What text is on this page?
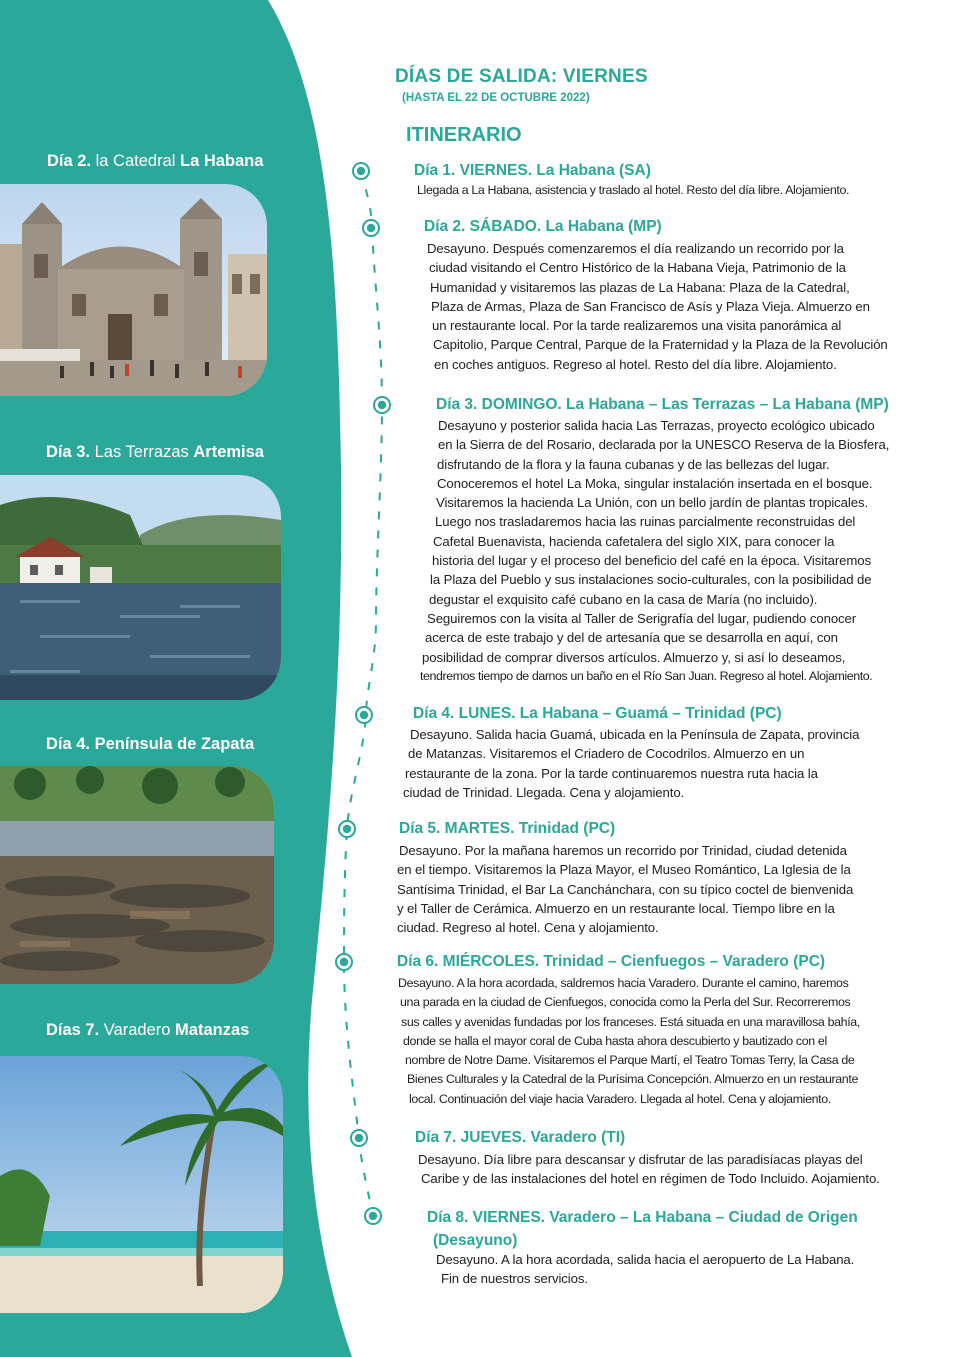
Día 2. la Catedral La Habana
Día 3. Las Terrazas Artemisa
Día 4. Península de Zapata
Días 7. Varadero Matanzas
DÍAS DE SALIDA: VIERNES
(HASTA EL 22 DE OCTUBRE 2022)
ITINERARIO
Día 1. VIERNES. La Habana (SA)
Llegada a La Habana, asistencia y traslado al hotel. Resto del día libre. Alojamiento.
Día 2. SÁBADO. La Habana (MP)
Desayuno. Después comenzaremos el día realizando un recorrido por la
ciudad visitando el Centro Histórico de la Habana Vieja, Patrimonio de la
Humanidad y visitaremos las plazas de La Habana: Plaza de la Catedral,
Plaza de Armas, Plaza de San Francisco de Asís y Plaza Vieja. Almuerzo en
un restaurante local. Por la tarde realizaremos una visita panorámica al
Capitolio, Parque Central, Parque de la Fraternidad y la Plaza de la Revolución
en coches antiguos. Regreso al hotel. Resto del día libre. Alojamiento.
Día 3. DOMINGO. La Habana – Las Terrazas – La Habana (MP)
Desayuno y posterior salida hacia Las Terrazas, proyecto ecológico ubicado
en la Sierra de del Rosario, declarada por la UNESCO Reserva de la Biosfera,
disfrutando de la flora y la fauna cubanas y de las bellezas del lugar.
Conoceremos el hotel La Moka, singular instalación insertada en el bosque.
Visitaremos la hacienda La Unión, con un bello jardín de plantas tropicales.
Luego nos trasladaremos hacia las ruinas parcialmente reconstruidas del
Cafetal Buenavista, hacienda cafetalera del siglo XIX, para conocer la
historia del lugar y el proceso del beneficio del café en la época. Visitaremos
la Plaza del Pueblo y sus instalaciones socio-culturales, con la posibilidad de
degustar el exquisito café cubano en la casa de María (no incluido).
Seguiremos con la visita al Taller de Serigrafía del lugar, pudiendo conocer
acerca de este trabajo y del de artesanía que se desarrolla en aquí, con
posibilidad de comprar diversos artículos. Almuerzo y, si así lo deseamos,
tendremos tiempo de darnos un baño en el Río San Juan. Regreso al hotel. Alojamiento.
Día 4. LUNES. La Habana – Guamá – Trinidad (PC)
Desayuno. Salida hacia Guamá, ubicada en la Península de Zapata, provincia
de Matanzas. Visitaremos el Criadero de Cocodrilos. Almuerzo en un
restaurante de la zona. Por la tarde continuaremos nuestra ruta hacia la
ciudad de Trinidad. Llegada. Cena y alojamiento.
Día 5. MARTES. Trinidad (PC)
Desayuno. Por la mañana haremos un recorrido por Trinidad, ciudad detenida
en el tiempo. Visitaremos la Plaza Mayor, el Museo Romántico, La Iglesia de la
Santísima Trinidad, el Bar La Canchánchara, con su típico coctel de bienvenida
y el Taller de Cerámica. Almuerzo en un restaurante local. Tiempo libre en la
ciudad. Regreso al hotel. Cena y alojamiento.
Día 6. MIÉRCOLES. Trinidad – Cienfuegos – Varadero (PC)
Desayuno. A la hora acordada, saldremos hacia Varadero. Durante el camino, haremos
una parada en la ciudad de Cienfuegos, conocida como la Perla del Sur. Recorreremos
sus calles y avenidas fundadas por los franceses. Está situada en una maravillosa bahía,
donde se halla el mayor coral de Cuba hasta ahora descubierto y bautizado con el
nombre de Notre Dame. Visitaremos el Parque Martí, el Teatro Tomas Terry, la Casa de
Bienes Culturales y la Catedral de la Purísima Concepción. Almuerzo en un restaurante
local. Continuación del viaje hacia Varadero. Llegada al hotel. Cena y alojamiento.
Día 7. JUEVES. Varadero (TI)
Desayuno. Día libre para descansar y disfrutar de las paradisíacas playas del
Caribe y de las instalaciones del hotel en régimen de Todo Incluido. Aojamiento.
Día 8. VIERNES. Varadero – La Habana – Ciudad de Origen
(Desayuno)
Desayuno. A la hora acordada, salida hacia el aeropuerto de La Habana.
Fin de nuestros servicios.
